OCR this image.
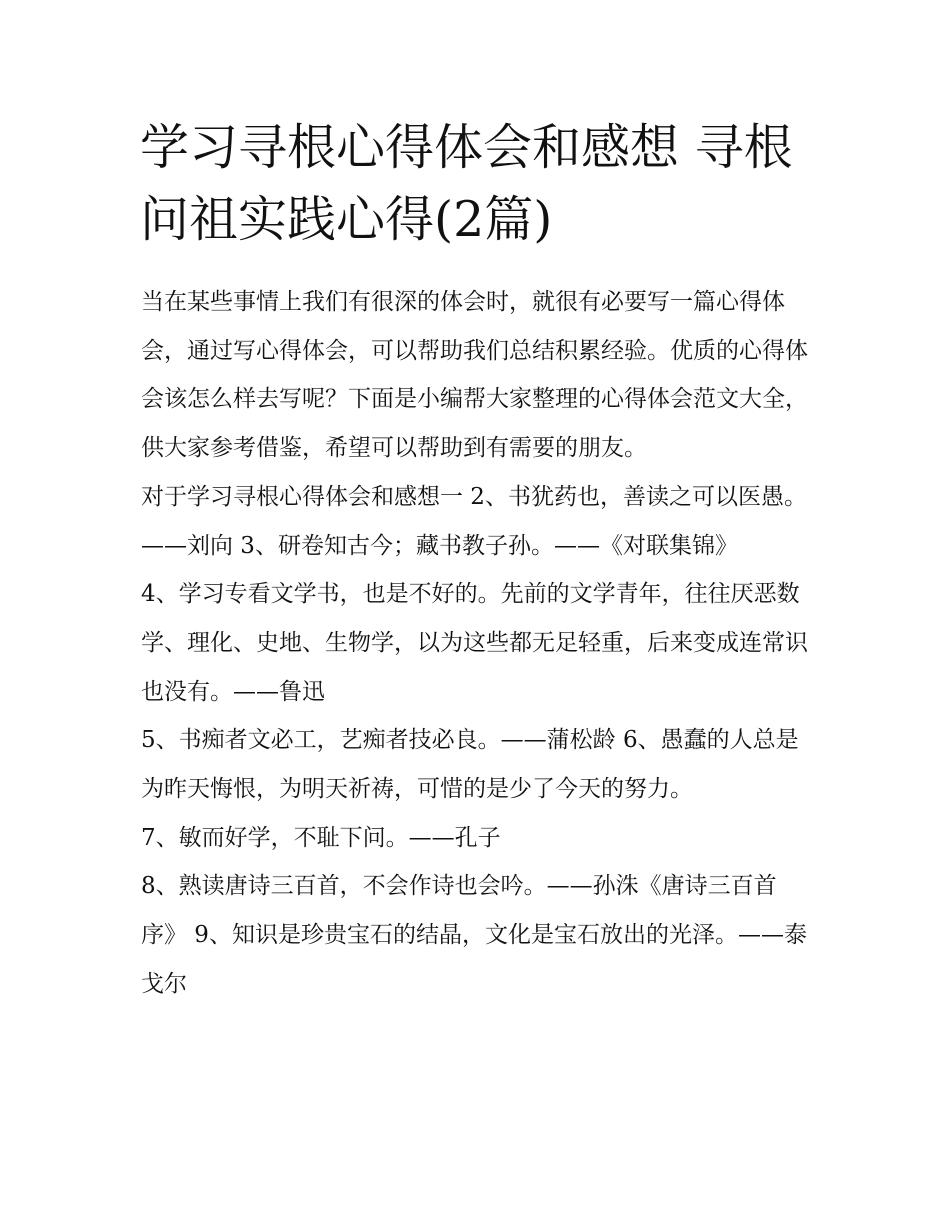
学习寻根心得体会和感想 寻根问祖实践心得(2篇)

当在某些事情上我们有很深的体会时，就很有必要写一篇心得体会，通过写心得体会，可以帮助我们总结积累经验。优质的心得体会该怎么样去写呢？下面是小编帮大家整理的心得体会范文大全，供大家参考借鉴，希望可以帮助到有需要的朋友。

对于学习寻根心得体会和感想一 2、书犹药也，善读之可以医愚。——刘向 3、研卷知古今；藏书教子孙。——《对联集锦》

4、学习专看文学书，也是不好的。先前的文学青年，往往厌恶数学、理化、史地、生物学，以为这些都无足轻重，后来变成连常识也没有。——鲁迅

5、书痴者文必工，艺痴者技必良。——蒲松龄 6、愚蠢的人总是为昨天悔恨，为明天祈祷，可惜的是少了今天的努力。

7、敏而好学，不耻下问。——孔子

8、熟读唐诗三百首，不会作诗也会吟。——孙洙《唐诗三百首序》 9、知识是珍贵宝石的结晶，文化是宝石放出的光泽。——泰戈尔
